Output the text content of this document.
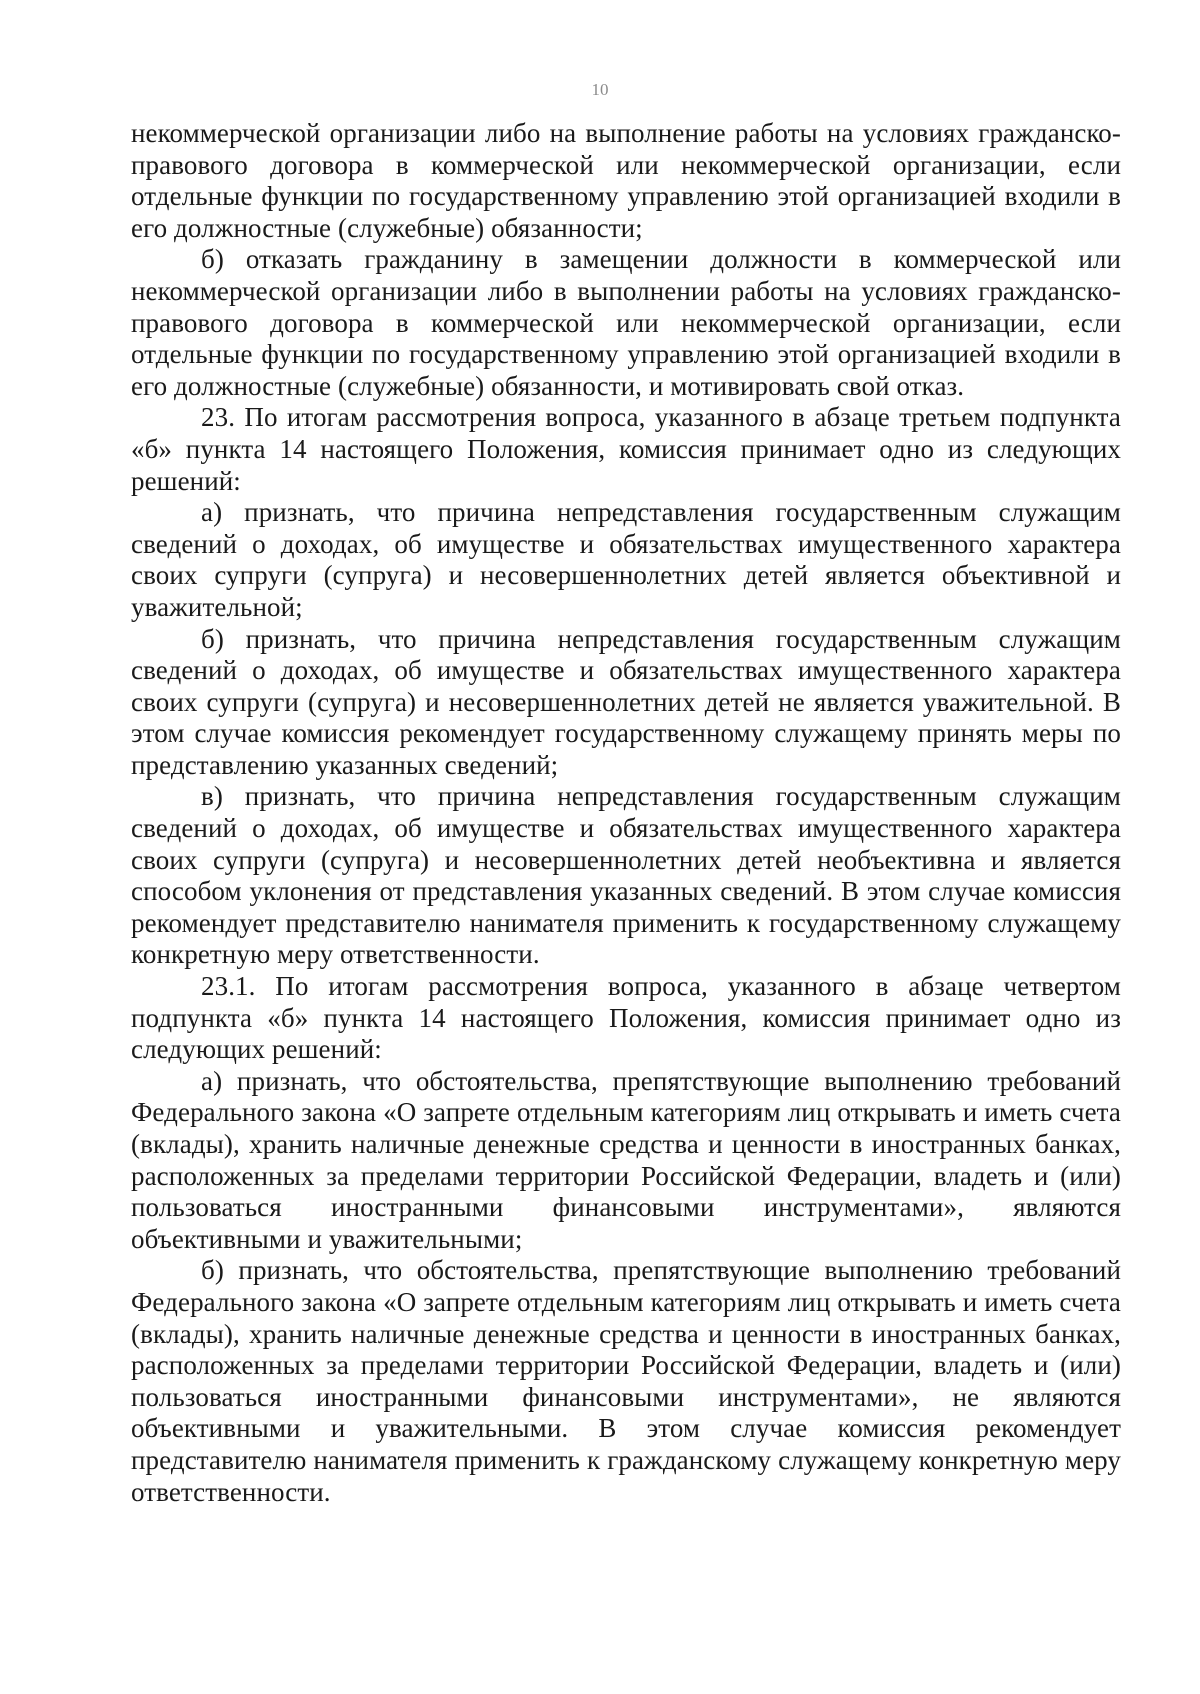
10

некоммерческой организации либо на выполнение работы на условиях гражданско-правового договора в коммерческой или некоммерческой организации, если отдельные функции по государственному управлению этой организацией входили в его должностные (служебные) обязанности;

б) отказать гражданину в замещении должности в коммерческой или некоммерческой организации либо в выполнении работы на условиях гражданско-правового договора в коммерческой или некоммерческой организации, если отдельные функции по государственному управлению этой организацией входили в его должностные (служебные) обязанности, и мотивировать свой отказ.

23. По итогам рассмотрения вопроса, указанного в абзаце третьем подпункта «б» пункта 14 настоящего Положения, комиссия принимает одно из следующих решений:

а) признать, что причина непредставления государственным служащим сведений о доходах, об имуществе и обязательствах имущественного характера своих супруги (супруга) и несовершеннолетних детей является объективной и уважительной;

б) признать, что причина непредставления государственным служащим сведений о доходах, об имуществе и обязательствах имущественного характера своих супруги (супруга) и несовершеннолетних детей не является уважительной. В этом случае комиссия рекомендует государственному служащему принять меры по представлению указанных сведений;

в) признать, что причина непредставления государственным служащим сведений о доходах, об имуществе и обязательствах имущественного характера своих супруги (супруга) и несовершеннолетних детей необъективна и является способом уклонения от представления указанных сведений. В этом случае комиссия рекомендует представителю нанимателя применить к государственному служащему конкретную меру ответственности.

23.1. По итогам рассмотрения вопроса, указанного в абзаце четвертом подпункта «б» пункта 14 настоящего Положения, комиссия принимает одно из следующих решений:

а) признать, что обстоятельства, препятствующие выполнению требований Федерального закона «О запрете отдельным категориям лиц открывать и иметь счета (вклады), хранить наличные денежные средства и ценности в иностранных банках, расположенных за пределами территории Российской Федерации, владеть и (или) пользоваться иностранными финансовыми инструментами», являются объективными и уважительными;

б) признать, что обстоятельства, препятствующие выполнению требований Федерального закона «О запрете отдельным категориям лиц открывать и иметь счета (вклады), хранить наличные денежные средства и ценности в иностранных банках, расположенных за пределами территории Российской Федерации, владеть и (или) пользоваться иностранными финансовыми инструментами», не являются объективными и уважительными. В этом случае комиссия рекомендует представителю нанимателя применить к гражданскому служащему конкретную меру ответственности.
